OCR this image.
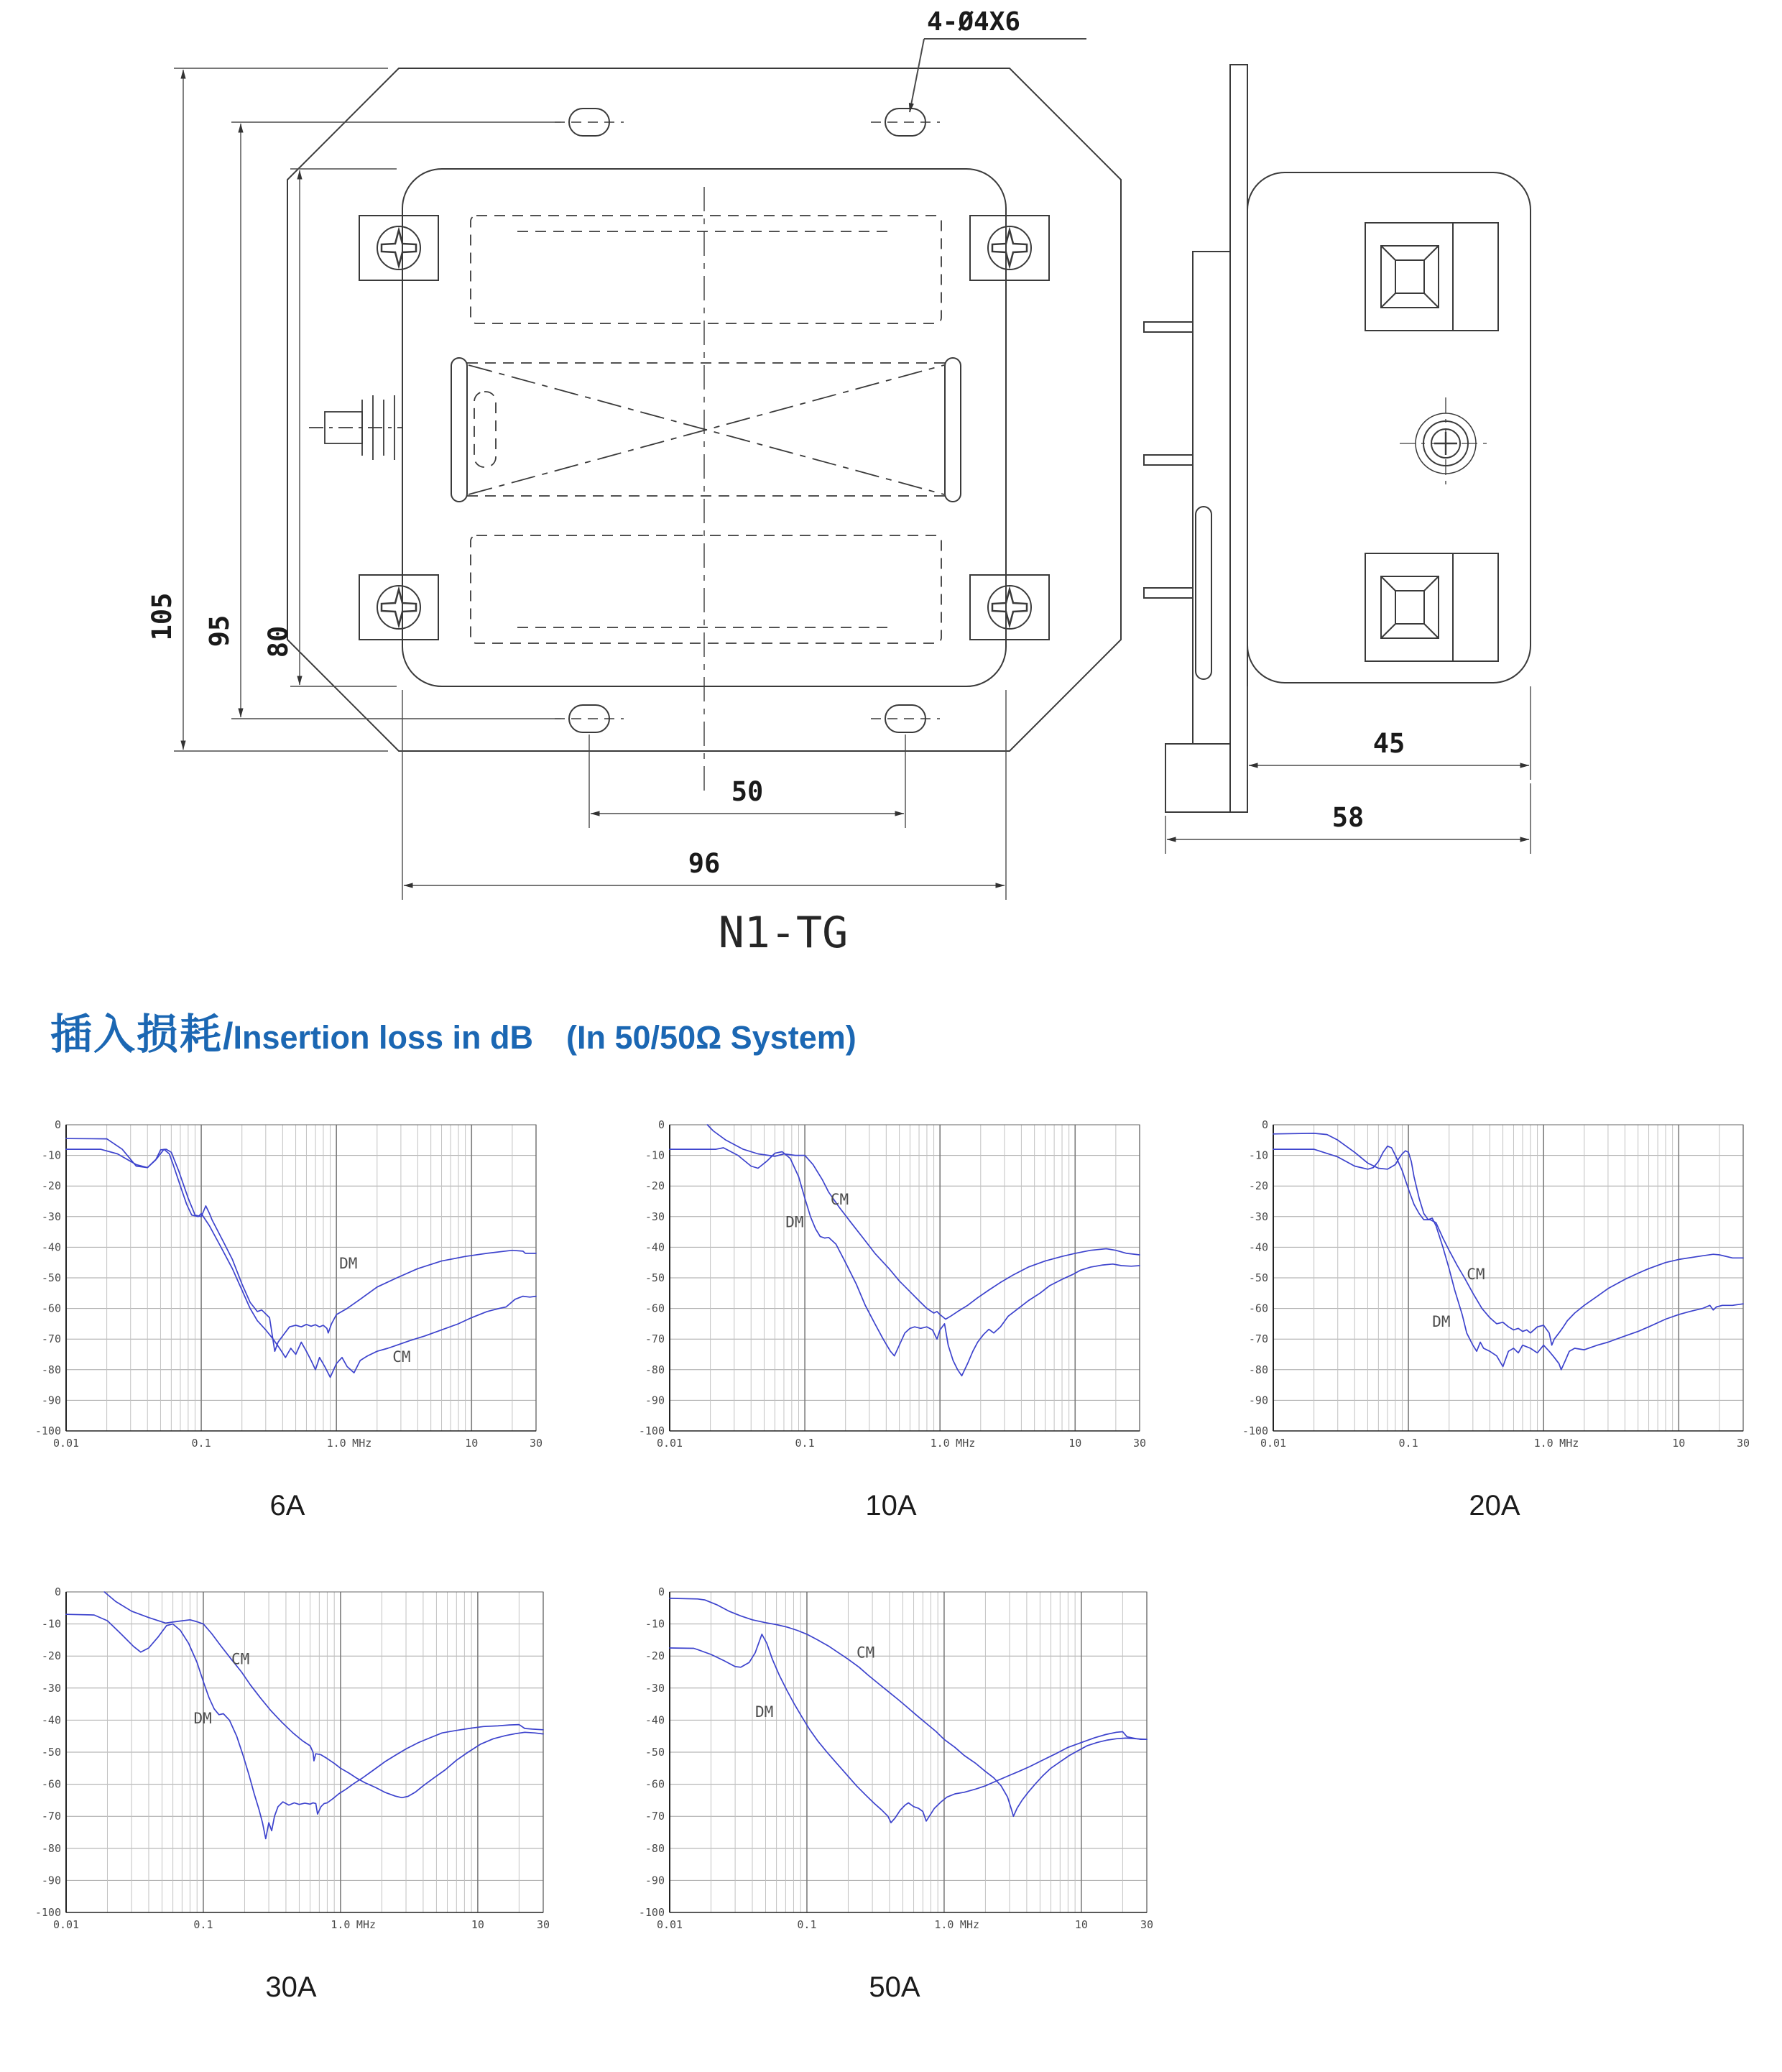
105 95 80
50
96
45
58
4-Ø4X6
N1-TG
插入损耗 / Insertion loss in dB (In 50/50Ω System)
0
-10
-20
-30
-40
-50
-60
-70
-80
-90
-100
0.01	0.1	1.0 MHz	10	30
DM
CM
6A
0
-10
-20
-30
-40
-50
-60
-70
-80
-90
-100
0.01	0.1	1.0 MHz	10	30
CM
DM
10A
0
-10
-20
-30
-40
-50
-60
-70
-80
-90
-100
0.01	0.1	1.0 MHz	10	30
CM
DM
20A
0
-10
-20
-30
-40
-50
-60
-70
-80
-90
-100
0.01	0.1	1.0 MHz	10	30
CM
DM
30A
0
-10
-20
-30
-40
-50
-60
-70
-80
-90
-100
0.01	0.1	1.0 MHz	10	30
CM
DM
50A
